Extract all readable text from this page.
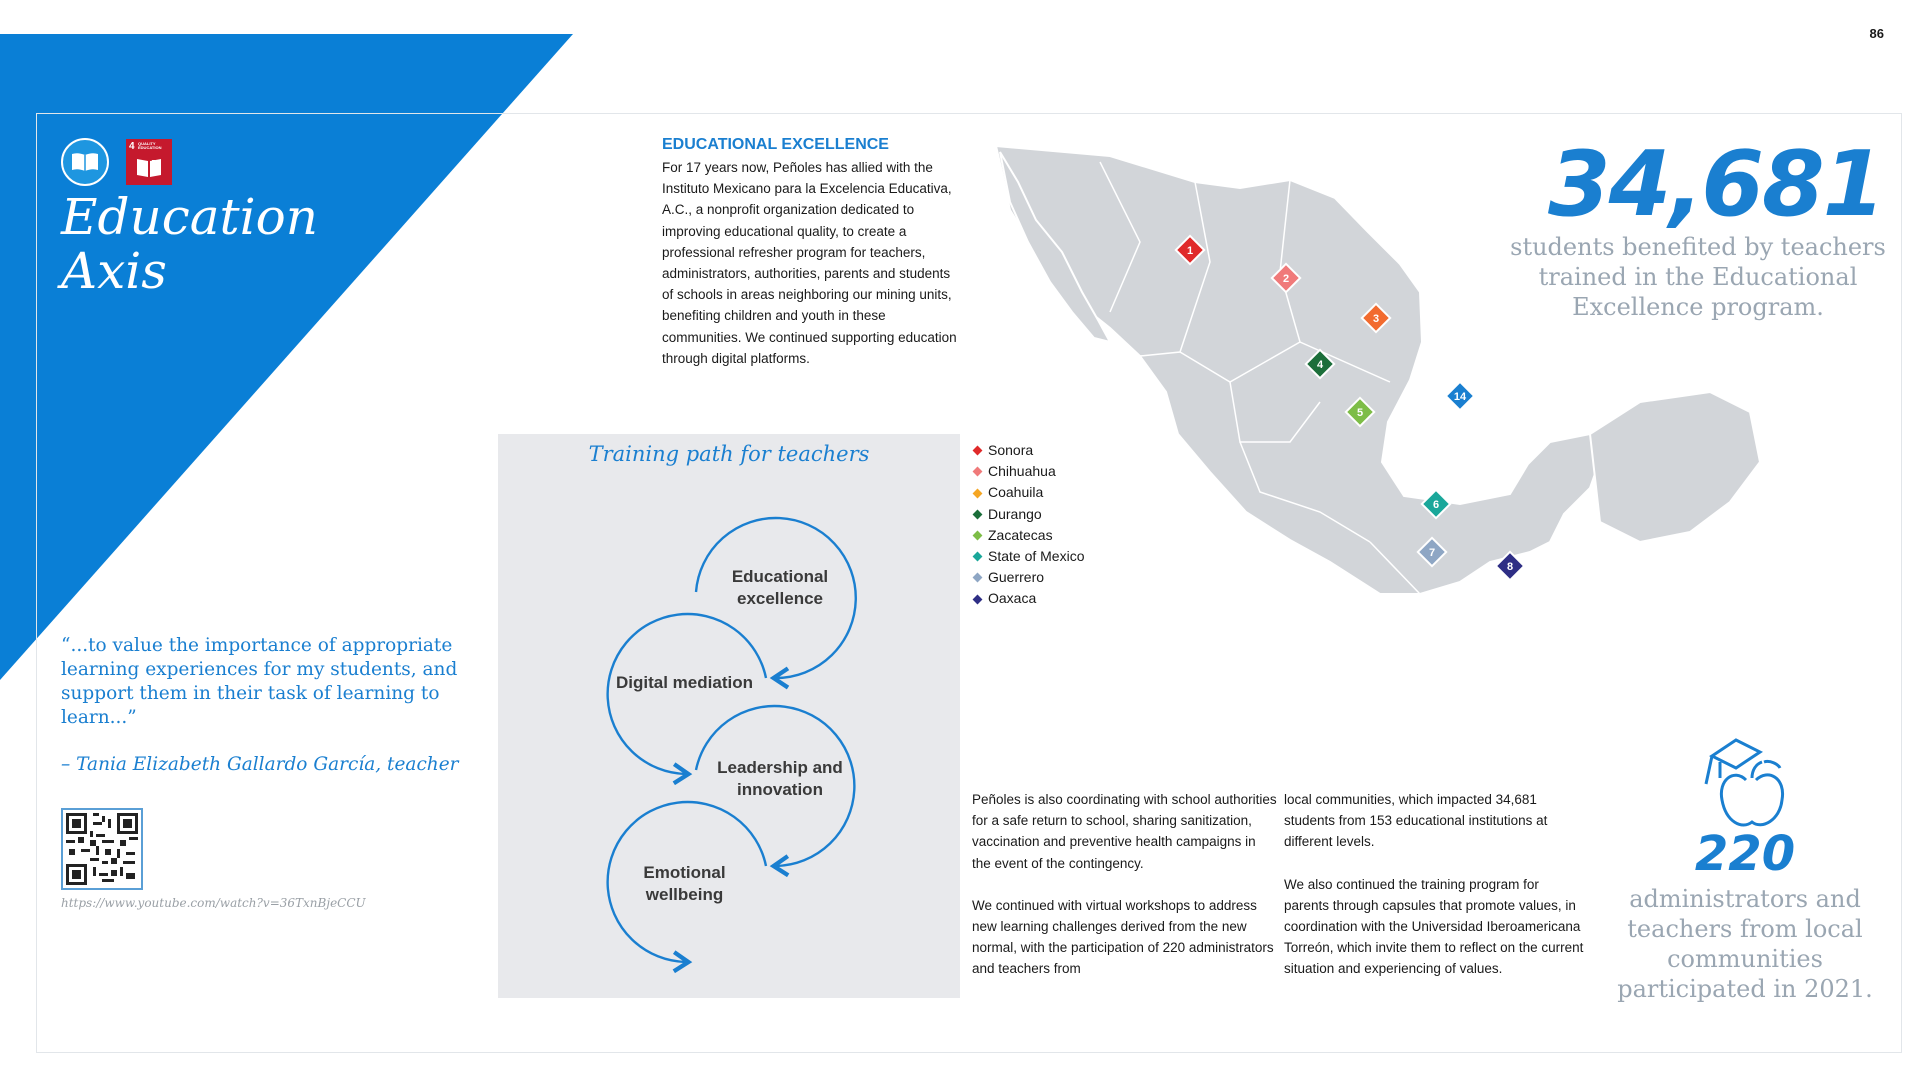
86
4 QUALITY EDUCATION
Education
Axis
“...to value the importance of appropriate learning experiences for my students, and support them in their task of learning to learn...”
– Tania Elizabeth Gallardo García, teacher
https://www.youtube.com/watch?v=36TxnBjeCCU
EDUCATIONAL EXCELLENCE
For 17 years now, Peñoles has allied with the Instituto Mexicano para la Excelencia Educativa, A.C., a nonprofit organization dedicated to improving educational quality, to create a professional refresher program for teachers, administrators, authorities, parents and students of schools in areas neighboring our mining units, benefiting children and youth in these communities. We continued supporting education through digital platforms.
Training path for teachers
Educational excellence
Digital mediation
Leadership and innovation
Emotional wellbeing
1
2
3
4
5
14
6
7
8
Sonora
Chihuahua
Coahuila
Durango
Zacatecas
State of Mexico
Guerrero
Oaxaca
34,681
students benefited by teachers trained in the Educational Excellence program.
220
administrators and teachers from local communities participated in 2021.
Peñoles is also coordinating with school authorities for a safe return to school, sharing sanitization, vaccination and preventive health campaigns in the event of the contingency.
We continued with virtual workshops to address new learning challenges derived from the new normal, with the participation of 220 administrators and teachers from
local communities, which impacted 34,681 students from 153 educational institutions at different levels.
We also continued the training program for parents through capsules that promote values, in coordination with the Universidad Iberoamericana Torreón, which invite them to reflect on the current situation and experiencing of values.
